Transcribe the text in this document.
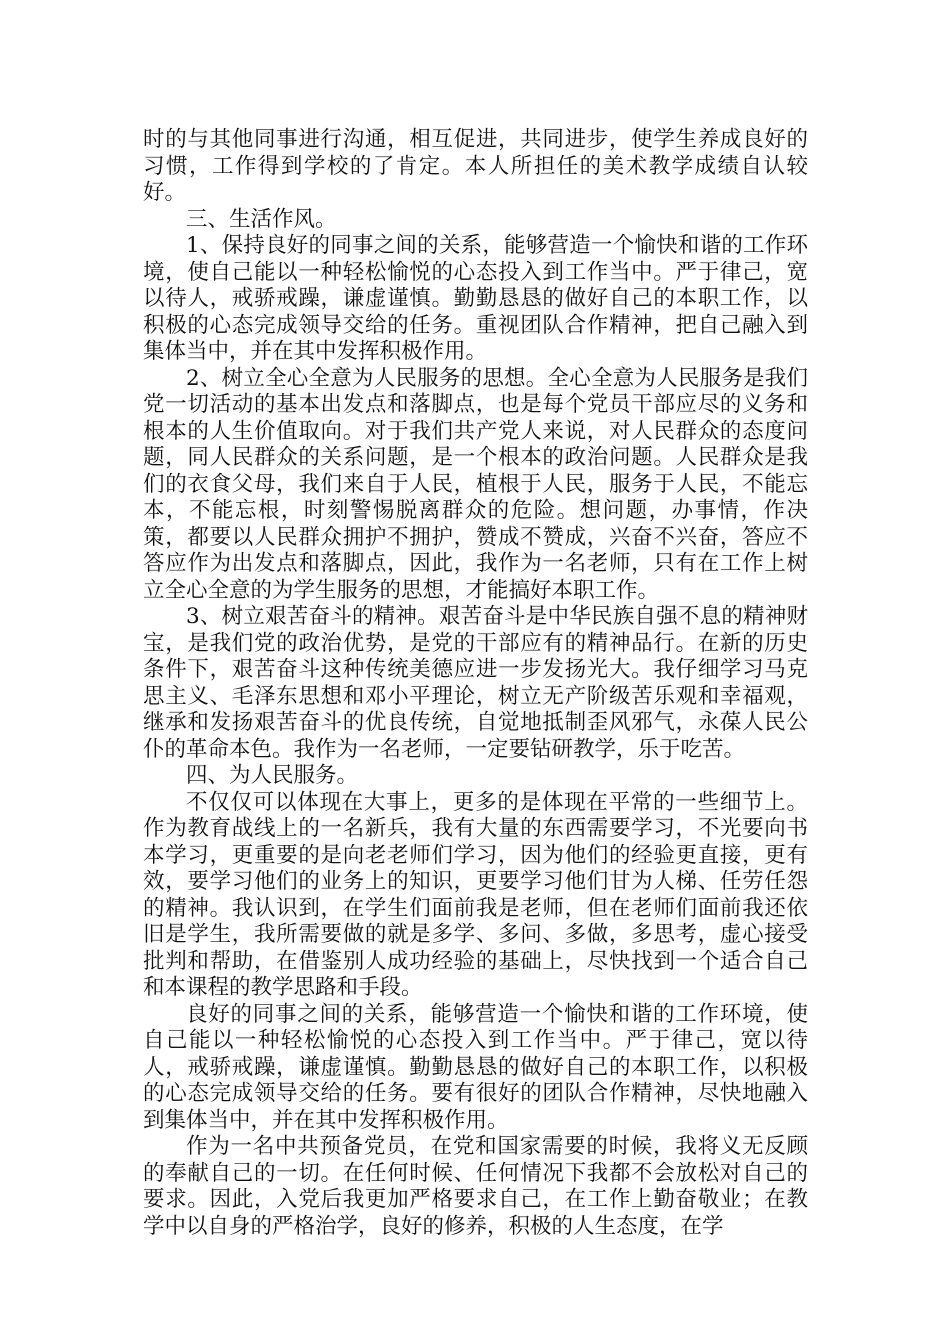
时的与其他同事进行沟通，相互促进，共同进步，使学生养成良好的习惯，工作得到学校的了肯定。本人所担任的美术教学成绩自认较好。

三、生活作风。

1、保持良好的同事之间的关系，能够营造一个愉快和谐的工作环境，使自己能以一种轻松愉悦的心态投入到工作当中。严于律己，宽以待人，戒骄戒躁，谦虚谨慎。勤勤恳恳的做好自己的本职工作，以积极的心态完成领导交给的任务。重视团队合作精神，把自己融入到集体当中，并在其中发挥积极作用。

2、树立全心全意为人民服务的思想。全心全意为人民服务是我们党一切活动的基本出发点和落脚点，也是每个党员干部应尽的义务和根本的人生价值取向。对于我们共产党人来说，对人民群众的态度问题，同人民群众的关系问题，是一个根本的政治问题。人民群众是我们的衣食父母，我们来自于人民，植根于人民，服务于人民，不能忘本，不能忘根，时刻警惕脱离群众的危险。想问题，办事情，作决策，都要以人民群众拥护不拥护，赞成不赞成，兴奋不兴奋，答应不答应作为出发点和落脚点，因此，我作为一名老师，只有在工作上树立全心全意的为学生服务的思想，才能搞好本职工作。

3、树立艰苦奋斗的精神。艰苦奋斗是中华民族自强不息的精神财宝，是我们党的政治优势，是党的干部应有的精神品行。在新的历史条件下，艰苦奋斗这种传统美德应进一步发扬光大。我仔细学习马克思主义、毛泽东思想和邓小平理论，树立无产阶级苦乐观和幸福观，继承和发扬艰苦奋斗的优良传统，自觉地抵制歪风邪气，永葆人民公仆的革命本色。我作为一名老师，一定要钻研教学，乐于吃苦。

四、为人民服务。

不仅仅可以体现在大事上，更多的是体现在平常的一些细节上。作为教育战线上的一名新兵，我有大量的东西需要学习，不光要向书本学习，更重要的是向老老师们学习，因为他们的经验更直接，更有效，要学习他们的业务上的知识，更要学习他们甘为人梯、任劳任怨的精神。我认识到，在学生们面前我是老师，但在老师们面前我还依旧是学生，我所需要做的就是多学、多问、多做，多思考，虚心接受批判和帮助，在借鉴别人成功经验的基础上，尽快找到一个适合自己和本课程的教学思路和手段。

良好的同事之间的关系，能够营造一个愉快和谐的工作环境，使自己能以一种轻松愉悦的心态投入到工作当中。严于律己，宽以待人，戒骄戒躁，谦虚谨慎。勤勤恳恳的做好自己的本职工作，以积极的心态完成领导交给的任务。要有很好的团队合作精神，尽快地融入到集体当中，并在其中发挥积极作用。

作为一名中共预备党员，在党和国家需要的时候，我将义无反顾的奉献自己的一切。在任何时候、任何情况下我都不会放松对自己的要求。因此，入党后我更加严格要求自己，在工作上勤奋敬业；在教学中以自身的严格治学，良好的修养，积极的人生态度，在学
